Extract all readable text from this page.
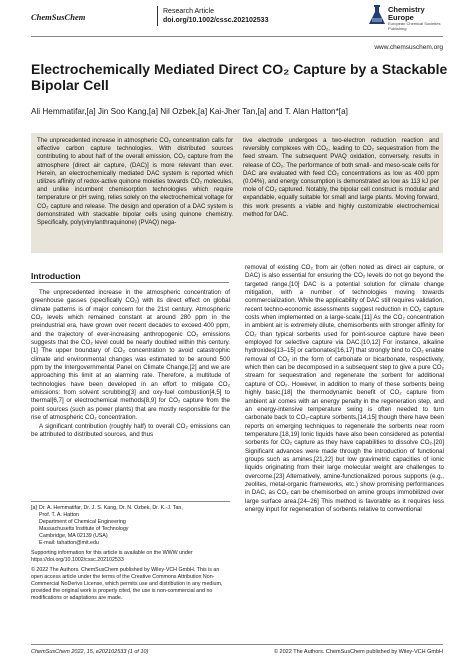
ChemSusChem
Research Article
doi.org/10.1002/cssc.202102533
Chemistry
Europe
European Chemical Societies Publishing
www.chemsuschem.org
Electrochemically Mediated Direct CO₂ Capture by a Stackable Bipolar Cell
Ali Hemmatifar,[a] Jin Soo Kang,[a] Nil Ozbek,[a] Kai-Jher Tan,[a] and T. Alan Hatton*[a]
The unprecedented increase in atmospheric CO₂ concentration calls for effective carbon capture technologies. With distributed sources contributing to about half of the overall emission, CO₂ capture from the atmosphere [direct air capture, (DAC)] is more relevant than ever. Herein, an electrochemically mediated DAC system is reported which utilizes affinity of redox-active quinone moieties towards CO₂ molecules, and unlike incumbent chemisorption technologies which require temperature or pH swing, relies solely on the electrochemical voltage for CO₂ capture and release. The design and operation of a DAC system is demonstrated with stackable bipolar cells using quinone chemistry. Specifically, poly(vinylanthraquinone) (PVAQ) nega-
tive electrode undergoes a two-electron reduction reaction and reversibly complexes with CO₂, leading to CO₂ sequestration from the feed stream. The subsequent PVAQ oxidation, conversely, results in release of CO₂. The performance of both small- and meso-scale cells for DAC are evaluated with feed CO₂ concentrations as low as 400 ppm (0.04%), and energy consumption is demonstrated as low as 113 kJ per mole of CO₂ captured. Notably, the bipolar cell construct is modular and expandable, equally suitable for small and large plants. Moving forward, this work presents a viable and highly customizable electrochemical method for DAC.
Introduction

The unprecedented increase in the atmospheric concentration of greenhouse gasses (specifically CO₂) with its direct effect on global climate patterns is of major concern for the 21st century. Atmospheric CO₂ levels which remained constant at around 280 ppm in the preindustrial era, have grown over recent decades to exceed 400 ppm, and the trajectory of ever-increasing anthropogenic CO₂ emissions suggests that the CO₂ level could be nearly doubled within this century.[1] The upper boundary of CO₂ concentration to avoid catastrophic climate and environmental changes was estimated to be around 500 ppm by the Intergovernmental Panel on Climate Change,[2] and we are approaching this limit at an alarming rate. Therefore, a multitude of technologies have been developed in an effort to mitigate CO₂ emissions: from solvent scrubbing[3] and oxy-fuel combustion[4,5] to thermal[6,7] or electrochemical methods[8,9] for CO₂ capture from the point sources (such as power plants) that are mostly responsible for the rise of atmospheric CO₂ concentration.

A significant contribution (roughly half) to overall CO₂ emissions can be attributed to distributed sources, and thus

[a] Dr. A. Hemmatifar, Dr. J. S. Kang, Dr. N. Ozbek, Dr. K.-J. Tan,
Prof. T. A. Hatton
Department of Chemical Engineering
Massachusetts Institute of Technology
Cambridge, MA 02139 (USA)
E-mail: tahatton@mit.edu
Supporting information for this article is available on the WWW under https://doi.org/10.1002/cssc.202102533
© 2022 The Authors. ChemSusChem published by Wiley-VCH GmbH. This is an open access article under the terms of the Creative Commons Attribution Non-Commercial NoDerivs License, which permits use and distribution in any medium, provided the original work is properly cited, the use is non-commercial and no modifications or adaptations are made.

removal of existing CO₂ from air (often noted as direct air capture, or DAC) is also essential for ensuring the CO₂ levels do not go beyond the targeted range.[10] DAC is a potential solution for climate change mitigation, with a number of technologies moving towards commercialization. While the applicability of DAC still requires validation, recent techno-economic assessments suggest reduction in CO₂ capture costs when implemented on a large-scale.[11] As the CO₂ concentration in ambient air is extremely dilute, chemisorbents with stronger affinity for CO₂ than typical sorbents used for point-source capture have been employed for selective capture via DAC.[10,12] For instance, alkaline hydroxides[13–15] or carbonates[16,17] that strongly bind to CO₂ enable removal of CO₂ in the form of carbonate or bicarbonate, respectively, which then can be decomposed in a subsequent step to give a pure CO₂ stream for sequestration and regenerate the sorbent for additional capture of CO₂. However, in addition to many of these sorbents being highly basic,[18] the thermodynamic benefit of CO₂ capture from ambient air comes with an energy penalty in the regeneration step, and an energy-intensive temperature swing is often needed to turn carbonate back to CO₂-capture sorbents,[14,15] though there have been reports on emerging techniques to regenerate the sorbents near room temperature.[18,19] Ionic liquids have also been considered as potential sorbents for CO₂ capture as they have capabilities to dissolve CO₂.[20] Significant advances were made through the introduction of functional groups such as amines,[21,22] but low gravimetric capacities of ionic liquids originating from their large molecular weight are challenges to overcome.[23] Alternatively, amine-functionalized porous supports (e.g., zeolites, metal-organic frameworks, etc.) show promising performances in DAC, as CO₂ can be chemisorbed on amine groups immobilized over large surface area.[24–26] This method is favorable as it requires less energy input for regeneration of sorbents relative to conventional

ChemSusChem 2022, 15, e202102533 (1 of 10)	© 2022 The Authors. ChemSusChem published by Wiley-VCH GmbH
